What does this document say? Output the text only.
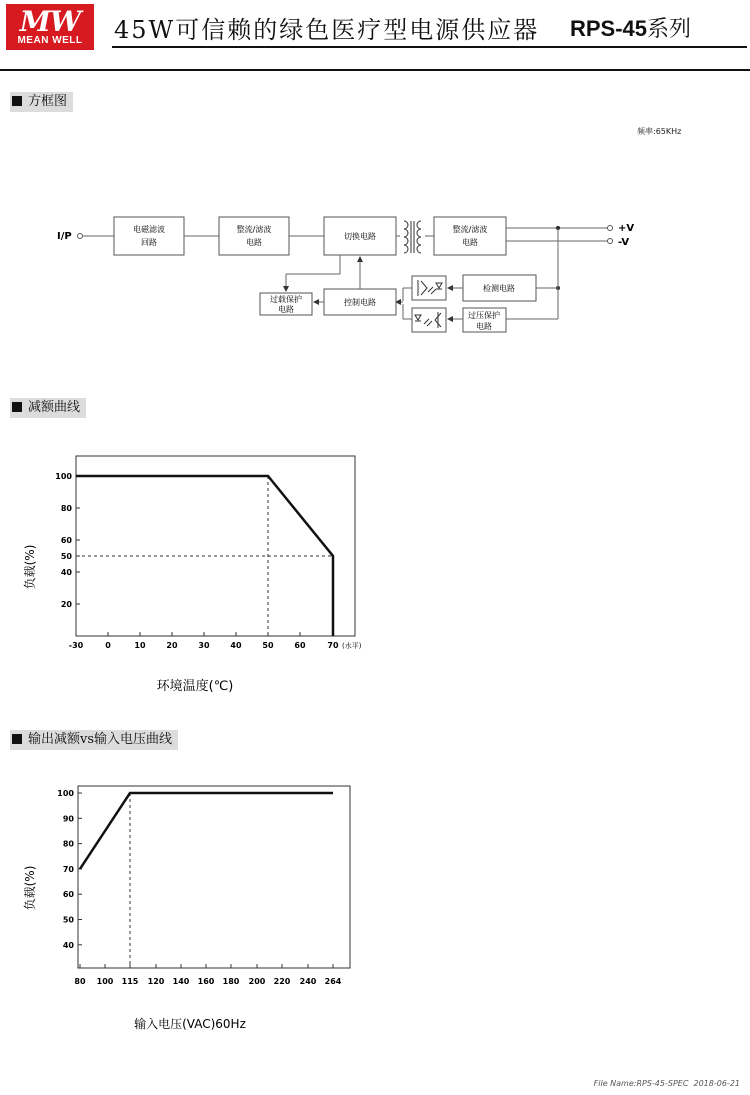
MW
MEAN WELL	45W可信赖的绿色医疗型电源供应器 RPS-45系列
方框图
频率:65KHz
I/P
电磁滤波
回路
整流/滤波
电路
切换电路
整流/滤波
电路
+V
-V
检测电路
过压保护
电路
控制电路
过载保护
电路
减额曲线
100
80
60
50
40
20
-30	0	10	20	30	40	50	60	70 (水平)
负载(%)
环境温度(℃)
输出减额vs输入电压曲线
100
90
80
70
60
50
40
80 100 115 120 140 160 180 200 220 240 264
负载(%)
输入电压(VAC)60Hz
File Name:RPS-45-SPEC 2018-06-21
